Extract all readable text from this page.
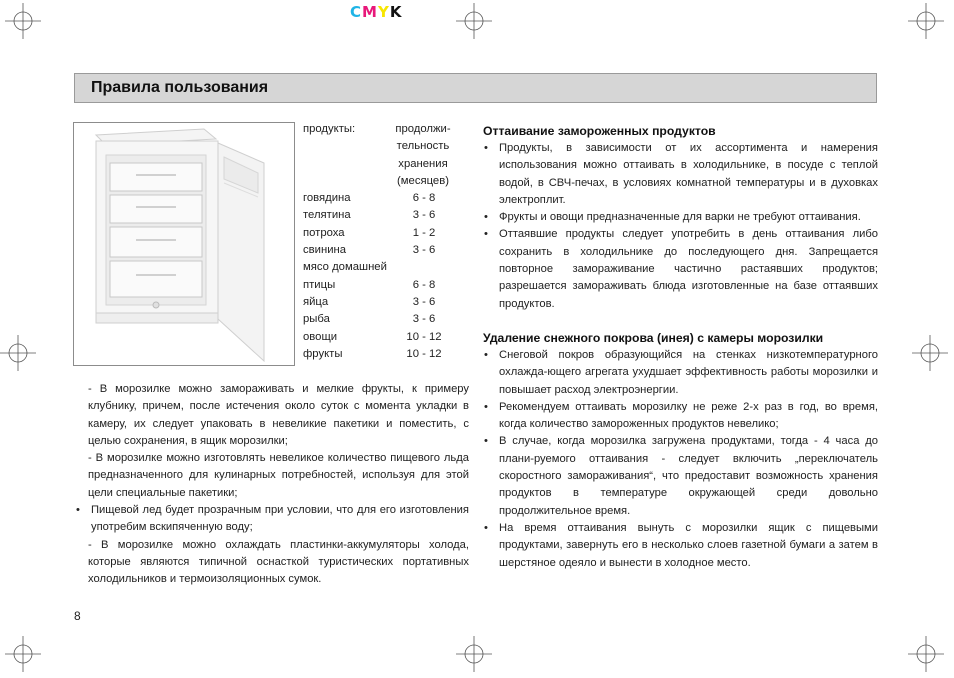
CMYK
Правила пользования
продукты:	продолжи-
тельность
хранения
(месяцев)
говядина	6 - 8
телятина	3 - 6
потроха	1 - 2
свинина	3 - 6
мясо домашней
птицы	6 - 8
яйца	3 - 6
рыба	3 - 6
овощи	10 - 12
фрукты	10 - 12
- В морозилке можно замораживать и мелкие фрукты, к примеру клубнику, причем, после истечения около суток с момента укладки в камеру, их следует упаковать в невеликие пакетики и поместить, с целью сохранения, в ящик морозилки;
- В морозилке можно изготовлять невеликое количество пищевого льда предназначенного для кулинарных потребностей, используя для этой цели специальные пакетики;
• Пищевой лед будет прозрачным при условии, что для его изготовления употребим вскипяченную воду;
- В морозилке можно охлаждать пластинки-аккумуляторы холода, которые являются типичной оснасткой туристических портативных холодильников и термоизоляционных сумок.
Оттаивание замороженных продуктов
• Продукты, в зависимости от их ассортимента и намерения использования можно оттаивать в холодильнике, в посуде с теплой водой, в СВЧ-печах, в условиях комнатной температуры и в духовках электроплит.
• Фрукты и овощи предназначенные для варки не требуют оттаивания.
• Оттаявшие продукты следует употребить в день оттаивания либо сохранить в холодильнике до последующего дня. Запрещается повторное замораживание частично растаявших продуктов; разрешается замораживать блюда изготовленные на базе оттаявших продуктов.
Удаление снежного покрова (инея) с камеры морозилки
• Снеговой покров образующийся на стенках низкотемпературного охлажда-ющего агрегата ухудшает эффективность работы морозилки и повышает расход электроэнергии.
• Рекомендуем оттаивать морозилку не реже 2-х раз в год, во время, когда количество замороженных продуктов невелико;
• В случае, когда морозилка загружена продуктами, тогда - 4 часа до плани-руемого оттаивания - следует включить „переключатель скоростного замораживания“, что предоставит возможность хранения продуктов в температуре окружающей среди довольно продолжительное время.
• На время оттаивания вынуть с морозилки ящик с пищевыми продуктами, завернуть его в несколько слоев газетной бумаги а затем в шерстяное одеяло и вынести в холодное место.
8
